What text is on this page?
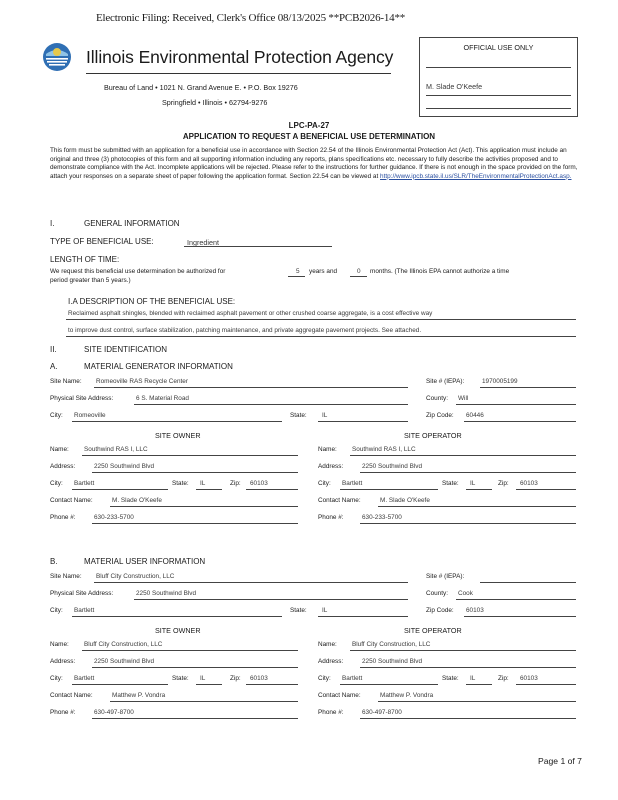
Electronic Filing: Received, Clerk's Office 08/13/2025 **PCB2026-14**
Illinois Environmental Protection Agency
Bureau of Land • 1021 N. Grand Avenue E. • P.O. Box 19276
Springfield • Illinois • 62794-9276
OFFICIAL USE ONLY
M. Slade O'Keefe
LPC-PA-27
APPLICATION TO REQUEST A BENEFICIAL USE DETERMINATION
This form must be submitted with an application for a beneficial use in accordance with Section 22.54 of the Illinois Environmental Protection Act (Act). This application must include an original and three (3) photocopies of this form and all supporting information including any reports, plans specifications etc. necessary to fully describe the activities proposed and to demonstrate compliance with the Act. Incomplete applications will be rejected. Please refer to the instructions for further guidance. If there is not enough in the space provided on the form, attach your responses on a separate sheet of paper following the application format. Section 22.54 can be viewed at http://www.ipcb.state.il.us/SLR/TheEnvironmentalProtectionAct.asp.
I.	GENERAL INFORMATION
TYPE OF BENEFICIAL USE:	Ingredient
LENGTH OF TIME:
We request this beneficial use determination be authorized for	5 years and	0 months. (The Illinois EPA cannot authorize a time
period greater than 5 years.)
I.A DESCRIPTION OF THE BENEFICIAL USE:
Reclaimed asphalt shingles, blended with reclaimed asphalt pavement or other crushed coarse aggregate, is a cost effective way
to improve dust control, surface stabilization, patching maintenance, and private aggregate pavement projects. See attached.
II.	SITE IDENTIFICATION
A.	MATERIAL GENERATOR INFORMATION
Site Name: Romeoville RAS Recycle Center	Site # (IEPA):	1970005199
Physical Site Address:	6 S. Material Road	County: Will
City: Romeoville	State: IL	Zip Code: 60446
SITE OWNER	SITE OPERATOR
Name: Southwind RAS I, LLC
Address:	2250 Southwind Blvd
City: Bartlett	State: IL	Zip: 60103
Contact Name:	M. Slade O'Keefe
Phone #:	630-233-5700
Name: Southwind RAS I, LLC
Address:	2250 Southwind Blvd
City: Bartlett	State: IL	Zip: 60103
Contact Name:	M. Slade O'Keefe
Phone #:	630-233-5700
B.	MATERIAL USER INFORMATION
Site Name: Bluff City Construction, LLC	Site # (IEPA):
Physical Site Address:	2250 Southwind Blvd	County: Cook
City: Bartlett	State: IL	Zip Code: 60103
SITE OWNER	SITE OPERATOR
Name: Bluff City Construction, LLC
Address:	2250 Southwind Blvd
City: Bartlett	State: IL	Zip: 60103
Contact Name:	Matthew P. Vondra
Phone #:	630-497-8700
Name: Bluff City Construction, LLC
Address:	2250 Southwind Blvd
City: Bartlett	State: IL	Zip: 60103
Contact Name:	Matthew P. Vondra
Phone #:	630-497-8700
Page 1 of 7
